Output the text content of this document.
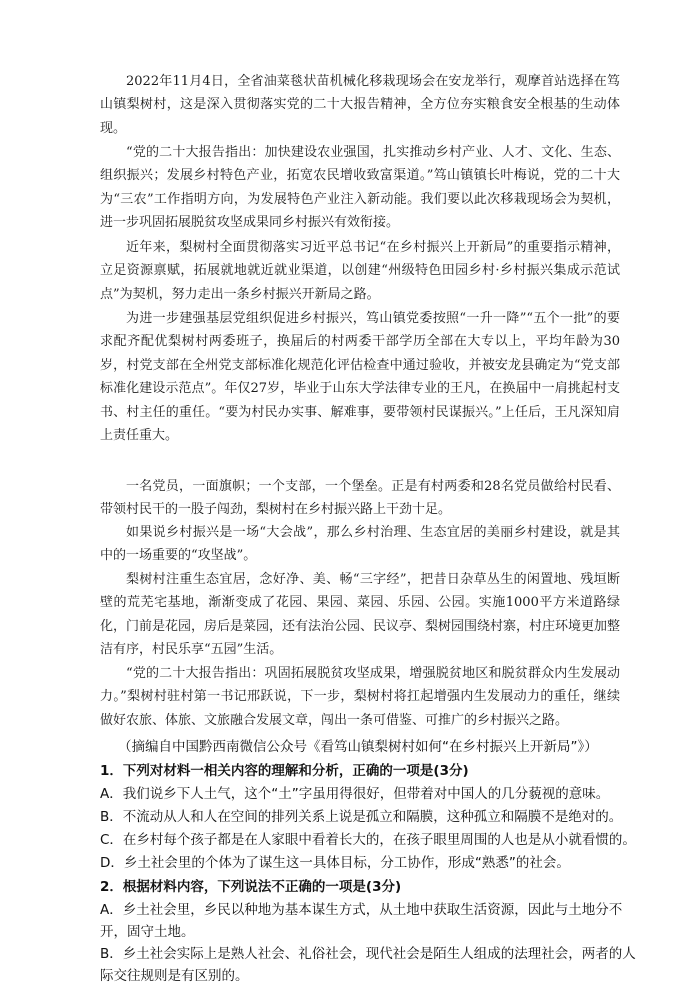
2022年11月4日，全省油菜毯状苗机械化移栽现场会在安龙举行，观摩首站选择在笃山镇梨树村，这是深入贯彻落实党的二十大报告精神，全方位夯实粮食安全根基的生动体现。

“党的二十大报告指出：加快建设农业强国，扎实推动乡村产业、人才、文化、生态、组织振兴；发展乡村特色产业，拓宽农民增收致富渠道。”笃山镇镇长叶梅说，党的二十大为“三农”工作指明方向，为发展特色产业注入新动能。我们要以此次移栽现场会为契机，进一步巩固拓展脱贫攻坚成果同乡村振兴有效衔接。

近年来，梨树村全面贯彻落实习近平总书记“在乡村振兴上开新局”的重要指示精神，立足资源禀赋，拓展就地就近就业渠道，以创建“州级特色田园乡村·乡村振兴集成示范试点”为契机，努力走出一条乡村振兴开新局之路。

为进一步建强基层党组织促进乡村振兴，笃山镇党委按照“一升一降”“五个一批”的要求配齐配优梨树村两委班子，换届后的村两委干部学历全部在大专以上，平均年龄为30岁，村党支部在全州党支部标准化规范化评估检查中通过验收，并被安龙县确定为“党支部标准化建设示范点”。年仅27岁，毕业于山东大学法律专业的王凡，在换届中一肩挑起村支书、村主任的重任。“要为村民办实事、解难事，要带领村民谋振兴。”上任后，王凡深知肩上责任重大。

一名党员，一面旗帜；一个支部，一个堡垒。正是有村两委和28名党员做给村民看、带领村民干的一股子闯劲，梨树村在乡村振兴路上干劲十足。

如果说乡村振兴是一场“大会战”，那么乡村治理、生态宜居的美丽乡村建设，就是其中的一场重要的“攻坚战”。

梨树村注重生态宜居，念好净、美、畅“三字经”，把昔日杂草丛生的闲置地、残垣断壁的荒芜宅基地，渐渐变成了花园、果园、菜园、乐园、公园。实施1000平方米道路绿化，门前是花园，房后是菜园，还有法治公园、民议亭、梨树园围绕村寨，村庄环境更加整洁有序，村民乐享“五园”生活。

“党的二十大报告指出：巩固拓展脱贫攻坚成果，增强脱贫地区和脱贫群众内生发展动力。”梨树村驻村第一书记邢跃说，下一步，梨树村将扛起增强内生发展动力的重任，继续做好农旅、体旅、文旅融合发展文章，闯出一条可借鉴、可推广的乡村振兴之路。

（摘编自中国黔西南微信公众号《看笃山镇梨树村如何“在乡村振兴上开新局”》）
1．下列对材料一相关内容的理解和分析，正确的一项是(3分)
A．我们说乡下人土气，这个“土”字虽用得很好，但带着对中国人的几分藐视的意味。
B．不流动从人和人在空间的排列关系上说是孤立和隔膜，这种孤立和隔膜不是绝对的。
C．在乡村每个孩子都是在人家眼中看着长大的，在孩子眼里周围的人也是从小就看惯的。
D．乡土社会里的个体为了谋生这一具体目标，分工协作，形成“熟悉”的社会。
2．根据材料内容，下列说法不正确的一项是(3分)
A．乡土社会里，乡民以种地为基本谋生方式，从土地中获取生活资源，因此与土地分不开，固守土地。
B．乡土社会实际上是熟人社会、礼俗社会，现代社会是陌生人组成的法理社会，两者的人际交往规则是有区别的。
